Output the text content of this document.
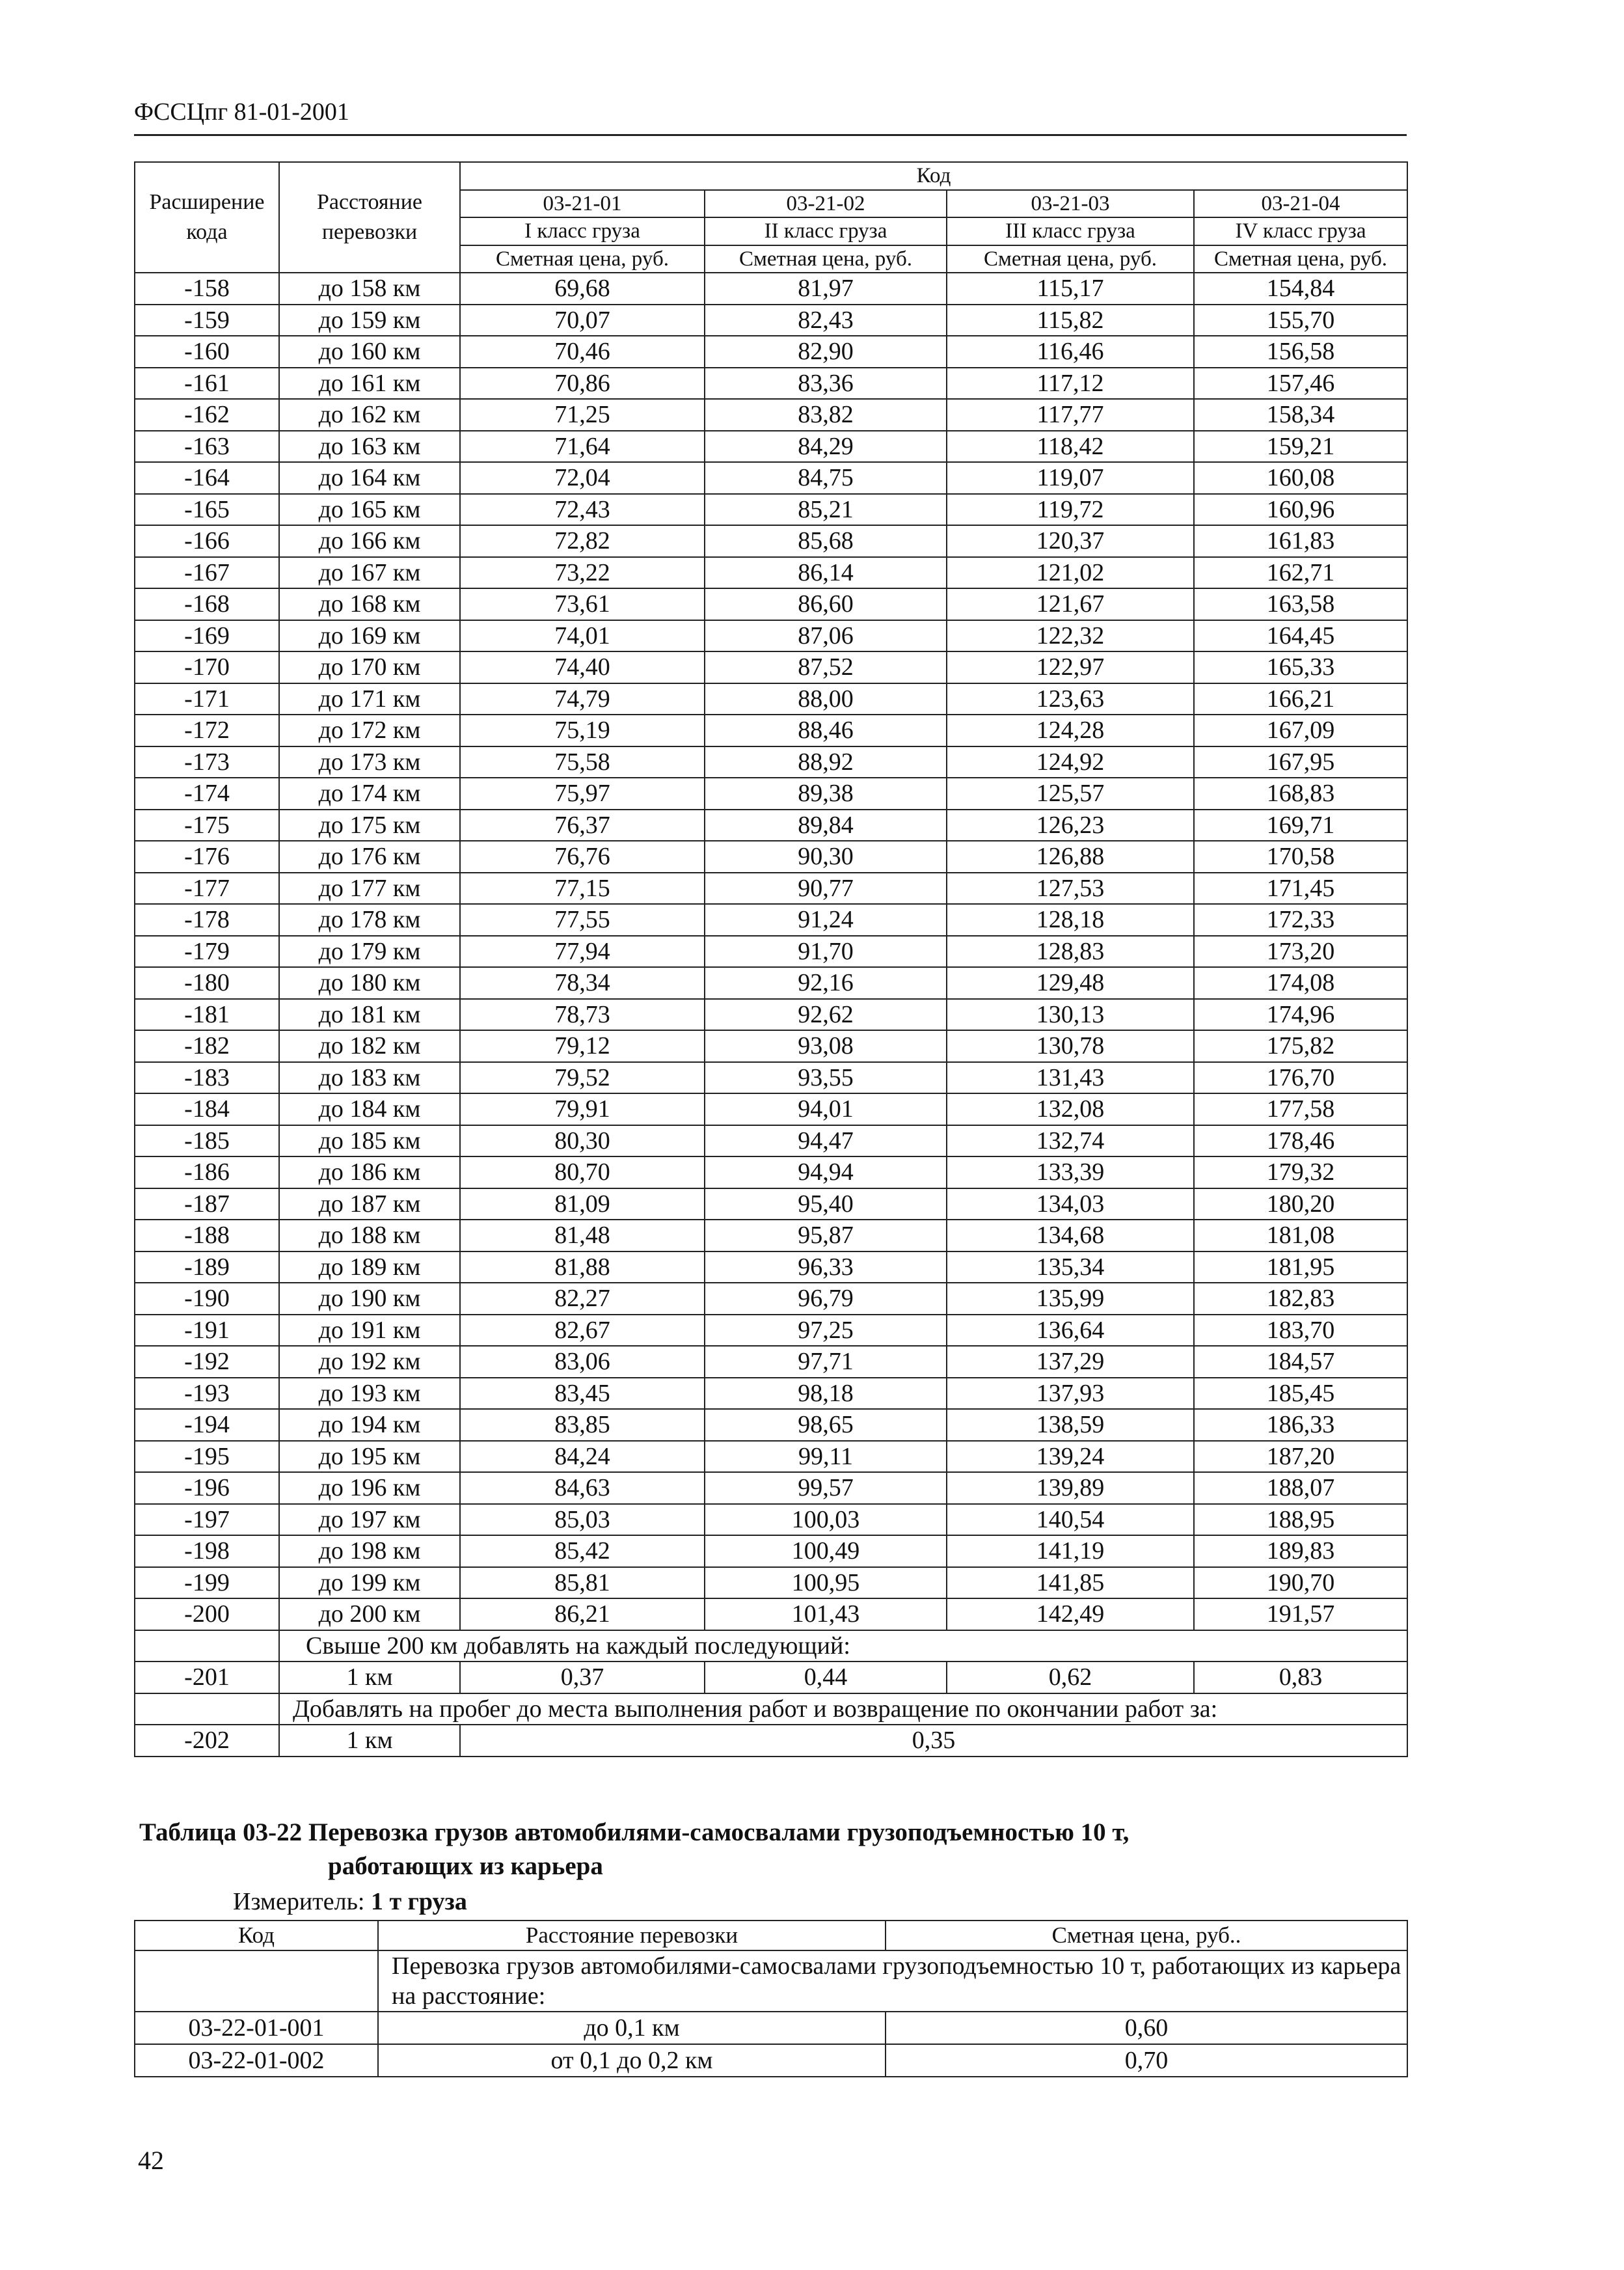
ФССЦпг 81-01-2001
Расширение кода	Расстояние перевозки	Код			
		03-21-01	03-21-02	03-21-03	03-21-04
		I класс груза	II класс груза	III класс груза	IV класс груза
		Сметная цена, руб.	Сметная цена, руб.	Сметная цена, руб.	Сметная цена, руб.
-158	до 158 км	69,68	81,97	115,17	154,84
-159	до 159 км	70,07	82,43	115,82	155,70
-160	до 160 км	70,46	82,90	116,46	156,58
-161	до 161 км	70,86	83,36	117,12	157,46
-162	до 162 км	71,25	83,82	117,77	158,34
-163	до 163 км	71,64	84,29	118,42	159,21
-164	до 164 км	72,04	84,75	119,07	160,08
-165	до 165 км	72,43	85,21	119,72	160,96
-166	до 166 км	72,82	85,68	120,37	161,83
-167	до 167 км	73,22	86,14	121,02	162,71
-168	до 168 км	73,61	86,60	121,67	163,58
-169	до 169 км	74,01	87,06	122,32	164,45
-170	до 170 км	74,40	87,52	122,97	165,33
-171	до 171 км	74,79	88,00	123,63	166,21
-172	до 172 км	75,19	88,46	124,28	167,09
-173	до 173 км	75,58	88,92	124,92	167,95
-174	до 174 км	75,97	89,38	125,57	168,83
-175	до 175 км	76,37	89,84	126,23	169,71
-176	до 176 км	76,76	90,30	126,88	170,58
-177	до 177 км	77,15	90,77	127,53	171,45
-178	до 178 км	77,55	91,24	128,18	172,33
-179	до 179 км	77,94	91,70	128,83	173,20
-180	до 180 км	78,34	92,16	129,48	174,08
-181	до 181 км	78,73	92,62	130,13	174,96
-182	до 182 км	79,12	93,08	130,78	175,82
-183	до 183 км	79,52	93,55	131,43	176,70
-184	до 184 км	79,91	94,01	132,08	177,58
-185	до 185 км	80,30	94,47	132,74	178,46
-186	до 186 км	80,70	94,94	133,39	179,32
-187	до 187 км	81,09	95,40	134,03	180,20
-188	до 188 км	81,48	95,87	134,68	181,08
-189	до 189 км	81,88	96,33	135,34	181,95
-190	до 190 км	82,27	96,79	135,99	182,83
-191	до 191 км	82,67	97,25	136,64	183,70
-192	до 192 км	83,06	97,71	137,29	184,57
-193	до 193 км	83,45	98,18	137,93	185,45
-194	до 194 км	83,85	98,65	138,59	186,33
-195	до 195 км	84,24	99,11	139,24	187,20
-196	до 196 км	84,63	99,57	139,89	188,07
-197	до 197 км	85,03	100,03	140,54	188,95
-198	до 198 км	85,42	100,49	141,19	189,83
-199	до 199 км	85,81	100,95	141,85	190,70
-200	до 200 км	86,21	101,43	142,49	191,57
	Свыше 200 км добавлять на каждый последующий:				
-201	1 км	0,37	0,44	0,62	0,83
	Добавлять на пробег до места выполнения работ и возвращение по окончании работ за:				
-202	1 км	0,35			
Таблица 03-22 Перевозка грузов автомобилями-самосвалами грузоподъемностью 10 т,
работающих из карьера
Измеритель: 1 т груза
Код	Расстояние перевозки	Сметная цена, руб..
	Перевозка грузов автомобилями-самосвалами грузоподъемностью 10 т, работающих из карьера на расстояние:	
03-22-01-001	до 0,1 км	0,60
03-22-01-002	от 0,1 до 0,2 км	0,70
42
